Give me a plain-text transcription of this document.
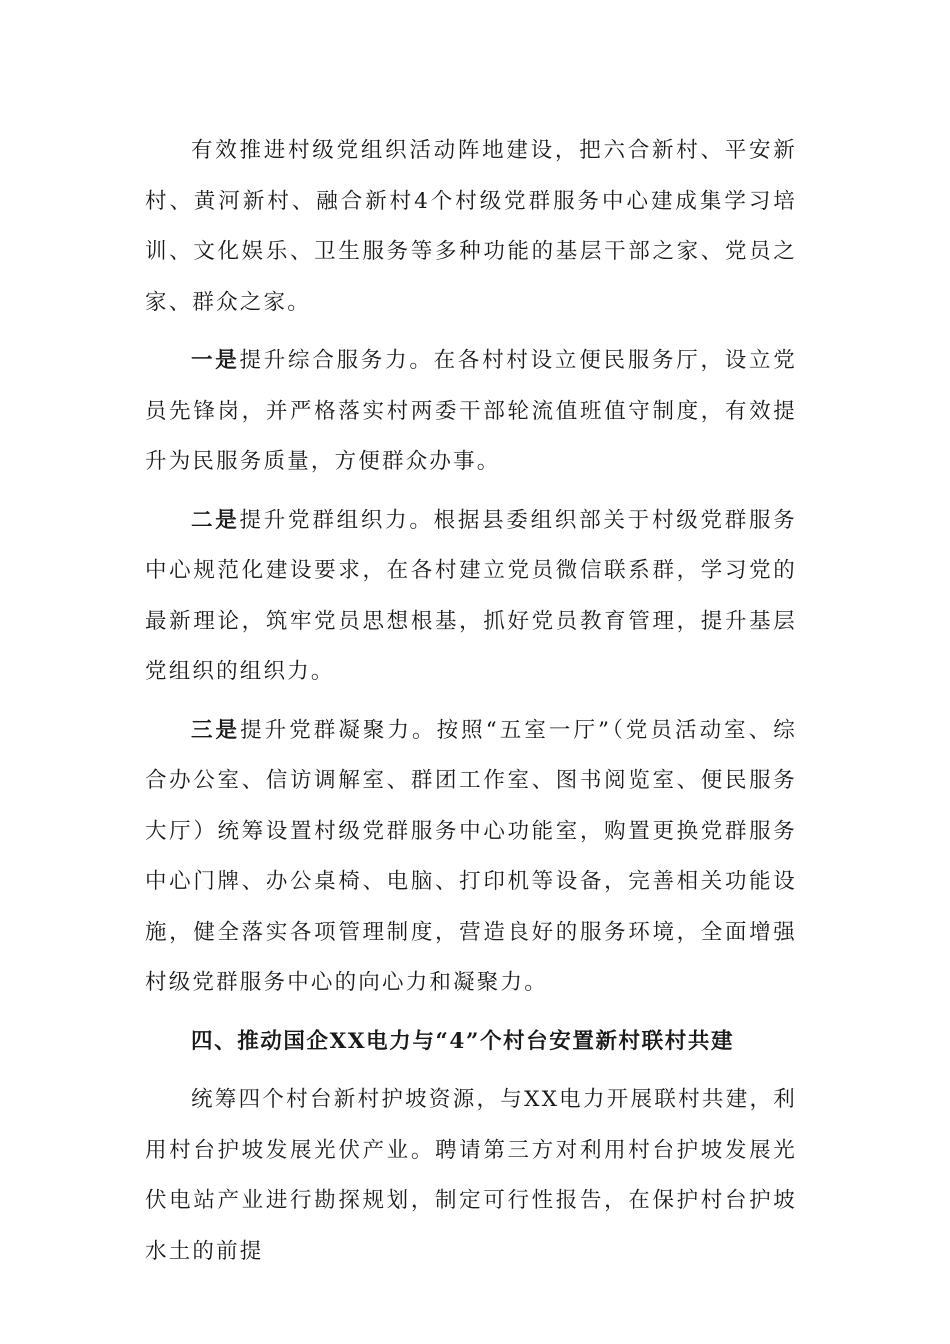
有效推进村级党组织活动阵地建设，把六合新村、平安新村、黄河新村、融合新村4个村级党群服务中心建成集学习培训、文化娱乐、卫生服务等多种功能的基层干部之家、党员之家、群众之家。

一是提升综合服务力。在各村村设立便民服务厅，设立党员先锋岗，并严格落实村两委干部轮流值班值守制度，有效提升为民服务质量，方便群众办事。

二是提升党群组织力。根据县委组织部关于村级党群服务中心规范化建设要求，在各村建立党员微信联系群，学习党的最新理论，筑牢党员思想根基，抓好党员教育管理，提升基层党组织的组织力。

三是提升党群凝聚力。按照“五室一厅”（党员活动室、综合办公室、信访调解室、群团工作室、图书阅览室、便民服务大厅）统筹设置村级党群服务中心功能室，购置更换党群服务中心门牌、办公桌椅、电脑、打印机等设备，完善相关功能设施，健全落实各项管理制度，营造良好的服务环境，全面增强村级党群服务中心的向心力和凝聚力。

四、推动国企XX电力与“4”个村台安置新村联村共建

统筹四个村台新村护坡资源，与XX电力开展联村共建，利用村台护坡发展光伏产业。聘请第三方对利用村台护坡发展光伏电站产业进行勘探规划，制定可行性报告，在保护村台护坡水土的前提
